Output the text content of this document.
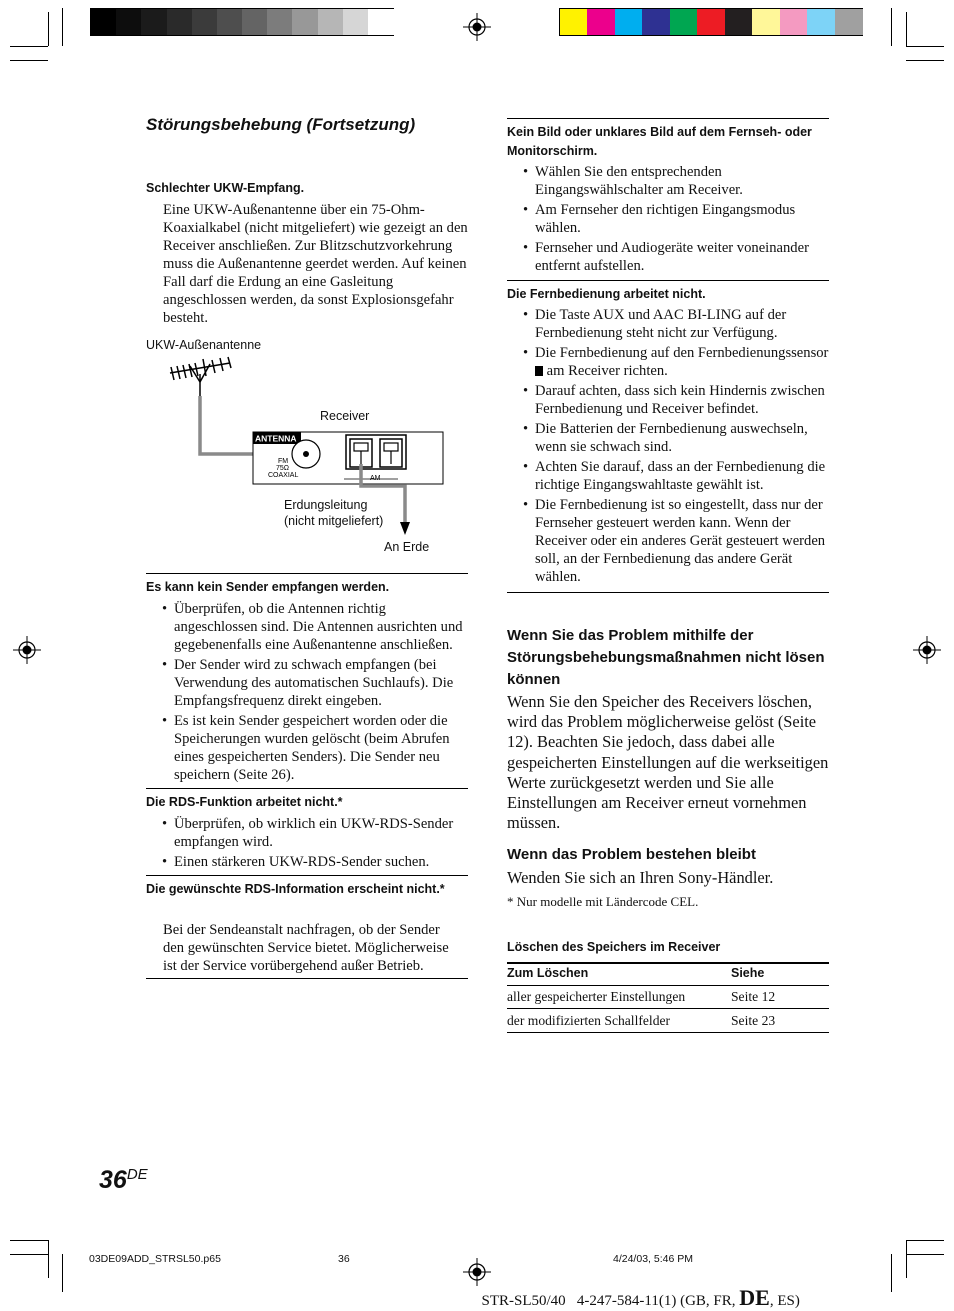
Störungsbehebung (Fortsetzung)
Schlechter UKW-Empfang.
Eine UKW-Außenantenne über ein 75-Ohm-Koaxialkabel (nicht mitgeliefert) wie gezeigt an den Receiver anschließen. Zur Blitzschutzvorkehrung muss die Außenantenne geerdet werden. Auf keinen Fall darf die Erdung an eine Gasleitung angeschlossen werden, da sonst Explosionsgefahr besteht.
UKW-Außenantenne
Receiver
Erdungsleitung
(nicht mitgeliefert)
An Erde
ANTENNA
FM
75Ω
COAXIAL	AM
Es kann kein Sender empfangen werden.
• Überprüfen, ob die Antennen richtig angeschlossen sind. Die Antennen ausrichten und gegebenenfalls eine Außenantenne anschließen.
• Der Sender wird zu schwach empfangen (bei Verwendung des automatischen Suchlaufs). Die Empfangsfrequenz direkt eingeben.
• Es ist kein Sender gespeichert worden oder die Speicherungen wurden gelöscht (beim Abrufen eines gespeicherten Senders). Die Sender neu speichern (Seite 26).
Die RDS-Funktion arbeitet nicht.*
• Überprüfen, ob wirklich ein UKW-RDS-Sender empfangen wird.
• Einen stärkeren UKW-RDS-Sender suchen.
Die gewünschte RDS-Information erscheint nicht.*
Bei der Sendeanstalt nachfragen, ob der Sender den gewünschten Service bietet. Möglicherweise ist der Service vorübergehend außer Betrieb.
Kein Bild oder unklares Bild auf dem Fernseh- oder Monitorschirm.
• Wählen Sie den entsprechenden Eingangswählschalter am Receiver.
• Am Fernseher den richtigen Eingangsmodus wählen.
• Fernseher und Audiogeräte weiter voneinander entfernt aufstellen.
Die Fernbedienung arbeitet nicht.
• Die Taste AUX und AAC BI-LING auf der Fernbedienung steht nicht zur Verfügung.
• Die Fernbedienung auf den Fernbedienungssensor  am Receiver richten.
• Darauf achten, dass sich kein Hindernis zwischen Fernbedienung und Receiver befindet.
• Die Batterien der Fernbedienung auswechseln, wenn sie schwach sind.
• Achten Sie darauf, dass an der Fernbedienung die richtige Eingangswahltaste gewählt ist.
• Die Fernbedienung ist so eingestellt, dass nur der Fernseher gesteuert werden kann. Wenn der Receiver oder ein anderes Gerät gesteuert werden soll, an der Fernbedienung das andere Gerät wählen.
Wenn Sie das Problem mithilfe der Störungsbehebungsmaßnahmen nicht lösen können
Wenn Sie den Speicher des Receivers löschen, wird das Problem möglicherweise gelöst (Seite 12). Beachten Sie jedoch, dass dabei alle gespeicherten Einstellungen auf die werkseitigen Werte zurückgesetzt werden und Sie alle Einstellungen am Receiver erneut vornehmen müssen.
Wenn das Problem bestehen bleibt
Wenden Sie sich an Ihren Sony-Händler.
* Nur modelle mit Ländercode CEL.
Löschen des Speichers im Receiver
Zum Löschen	Siehe
aller gespeicherter Einstellungen	Seite 12
der modifizierten Schallfelder	Seite 23
36DE
03DE09ADD_STRSL50.p65	36	4/24/03, 5:46 PM

STR-SL50/40   4-247-584-11(1) (GB, FR, DE, ES)
